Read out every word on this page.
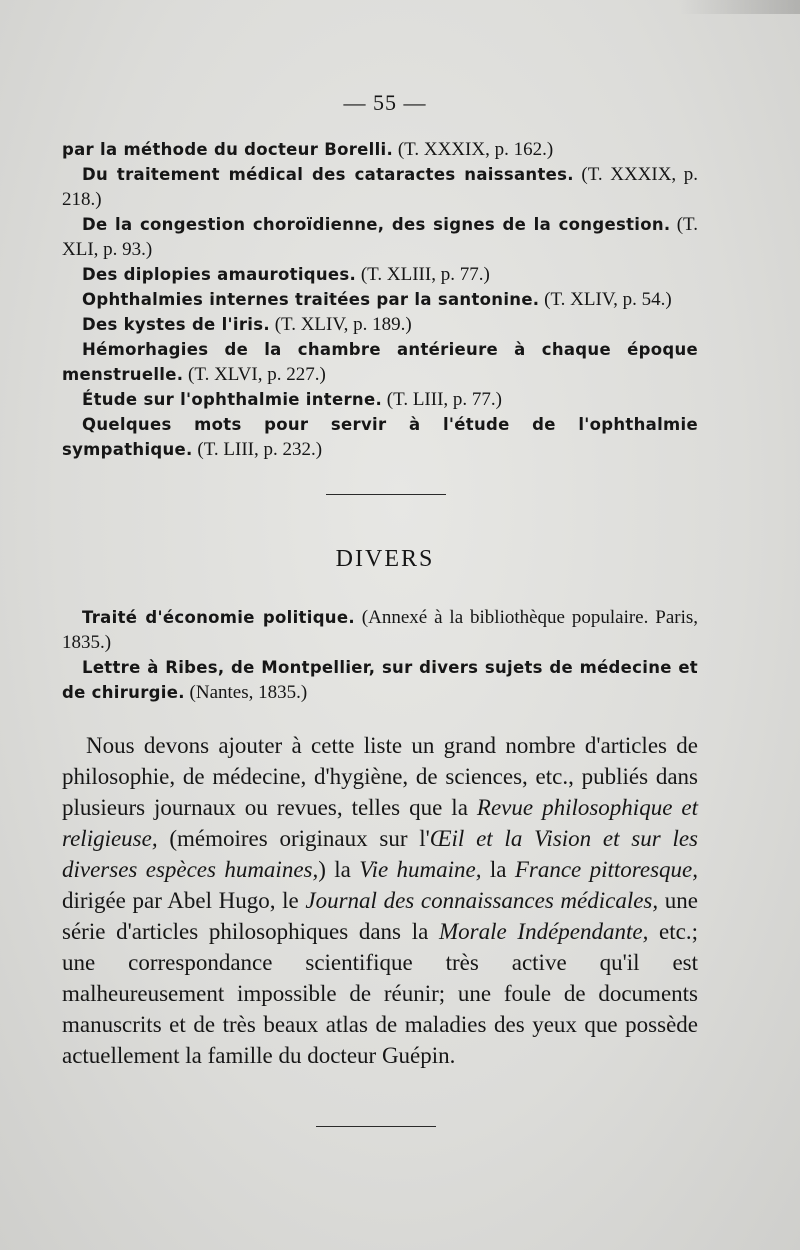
— 55 —

par la méthode du docteur Borelli. (T. XXXIX, p. 162.)

Du traitement médical des cataractes naissantes. (T. XXXIX, p. 218.)

De la congestion choroïdienne, des signes de la congestion. (T. XLI, p. 93.)

Des diplopies amaurotiques. (T. XLIII, p. 77.)

Ophthalmies internes traitées par la santonine. (T. XLIV, p. 54.)

Des kystes de l'iris. (T. XLIV, p. 189.)

Hémorhagies de la chambre antérieure à chaque époque menstruelle. (T. XLVI, p. 227.)

Étude sur l'ophthalmie interne. (T. LIII, p. 77.)

Quelques mots pour servir à l'étude de l'ophthalmie sympathique. (T. LIII, p. 232.)

DIVERS

Traité d'économie politique. (Annexé à la bibliothèque populaire. Paris, 1835.)

Lettre à Ribes, de Montpellier, sur divers sujets de médecine et de chirurgie. (Nantes, 1835.)

Nous devons ajouter à cette liste un grand nombre d'articles de philosophie, de médecine, d'hygiène, de sciences, etc., publiés dans plusieurs journaux ou revues, telles que la Revue philosophique et religieuse, (mémoires originaux sur l'Œil et la Vision et sur les diverses espèces humaines,) la Vie humaine, la France pittoresque, dirigée par Abel Hugo, le Journal des connaissances médicales, une série d'articles philosophiques dans la Morale Indépendante, etc.; une correspondance scientifique très active qu'il est malheureusement impossible de réunir; une foule de documents manuscrits et de très beaux atlas de maladies des yeux que possède actuellement la famille du docteur Guépin.
